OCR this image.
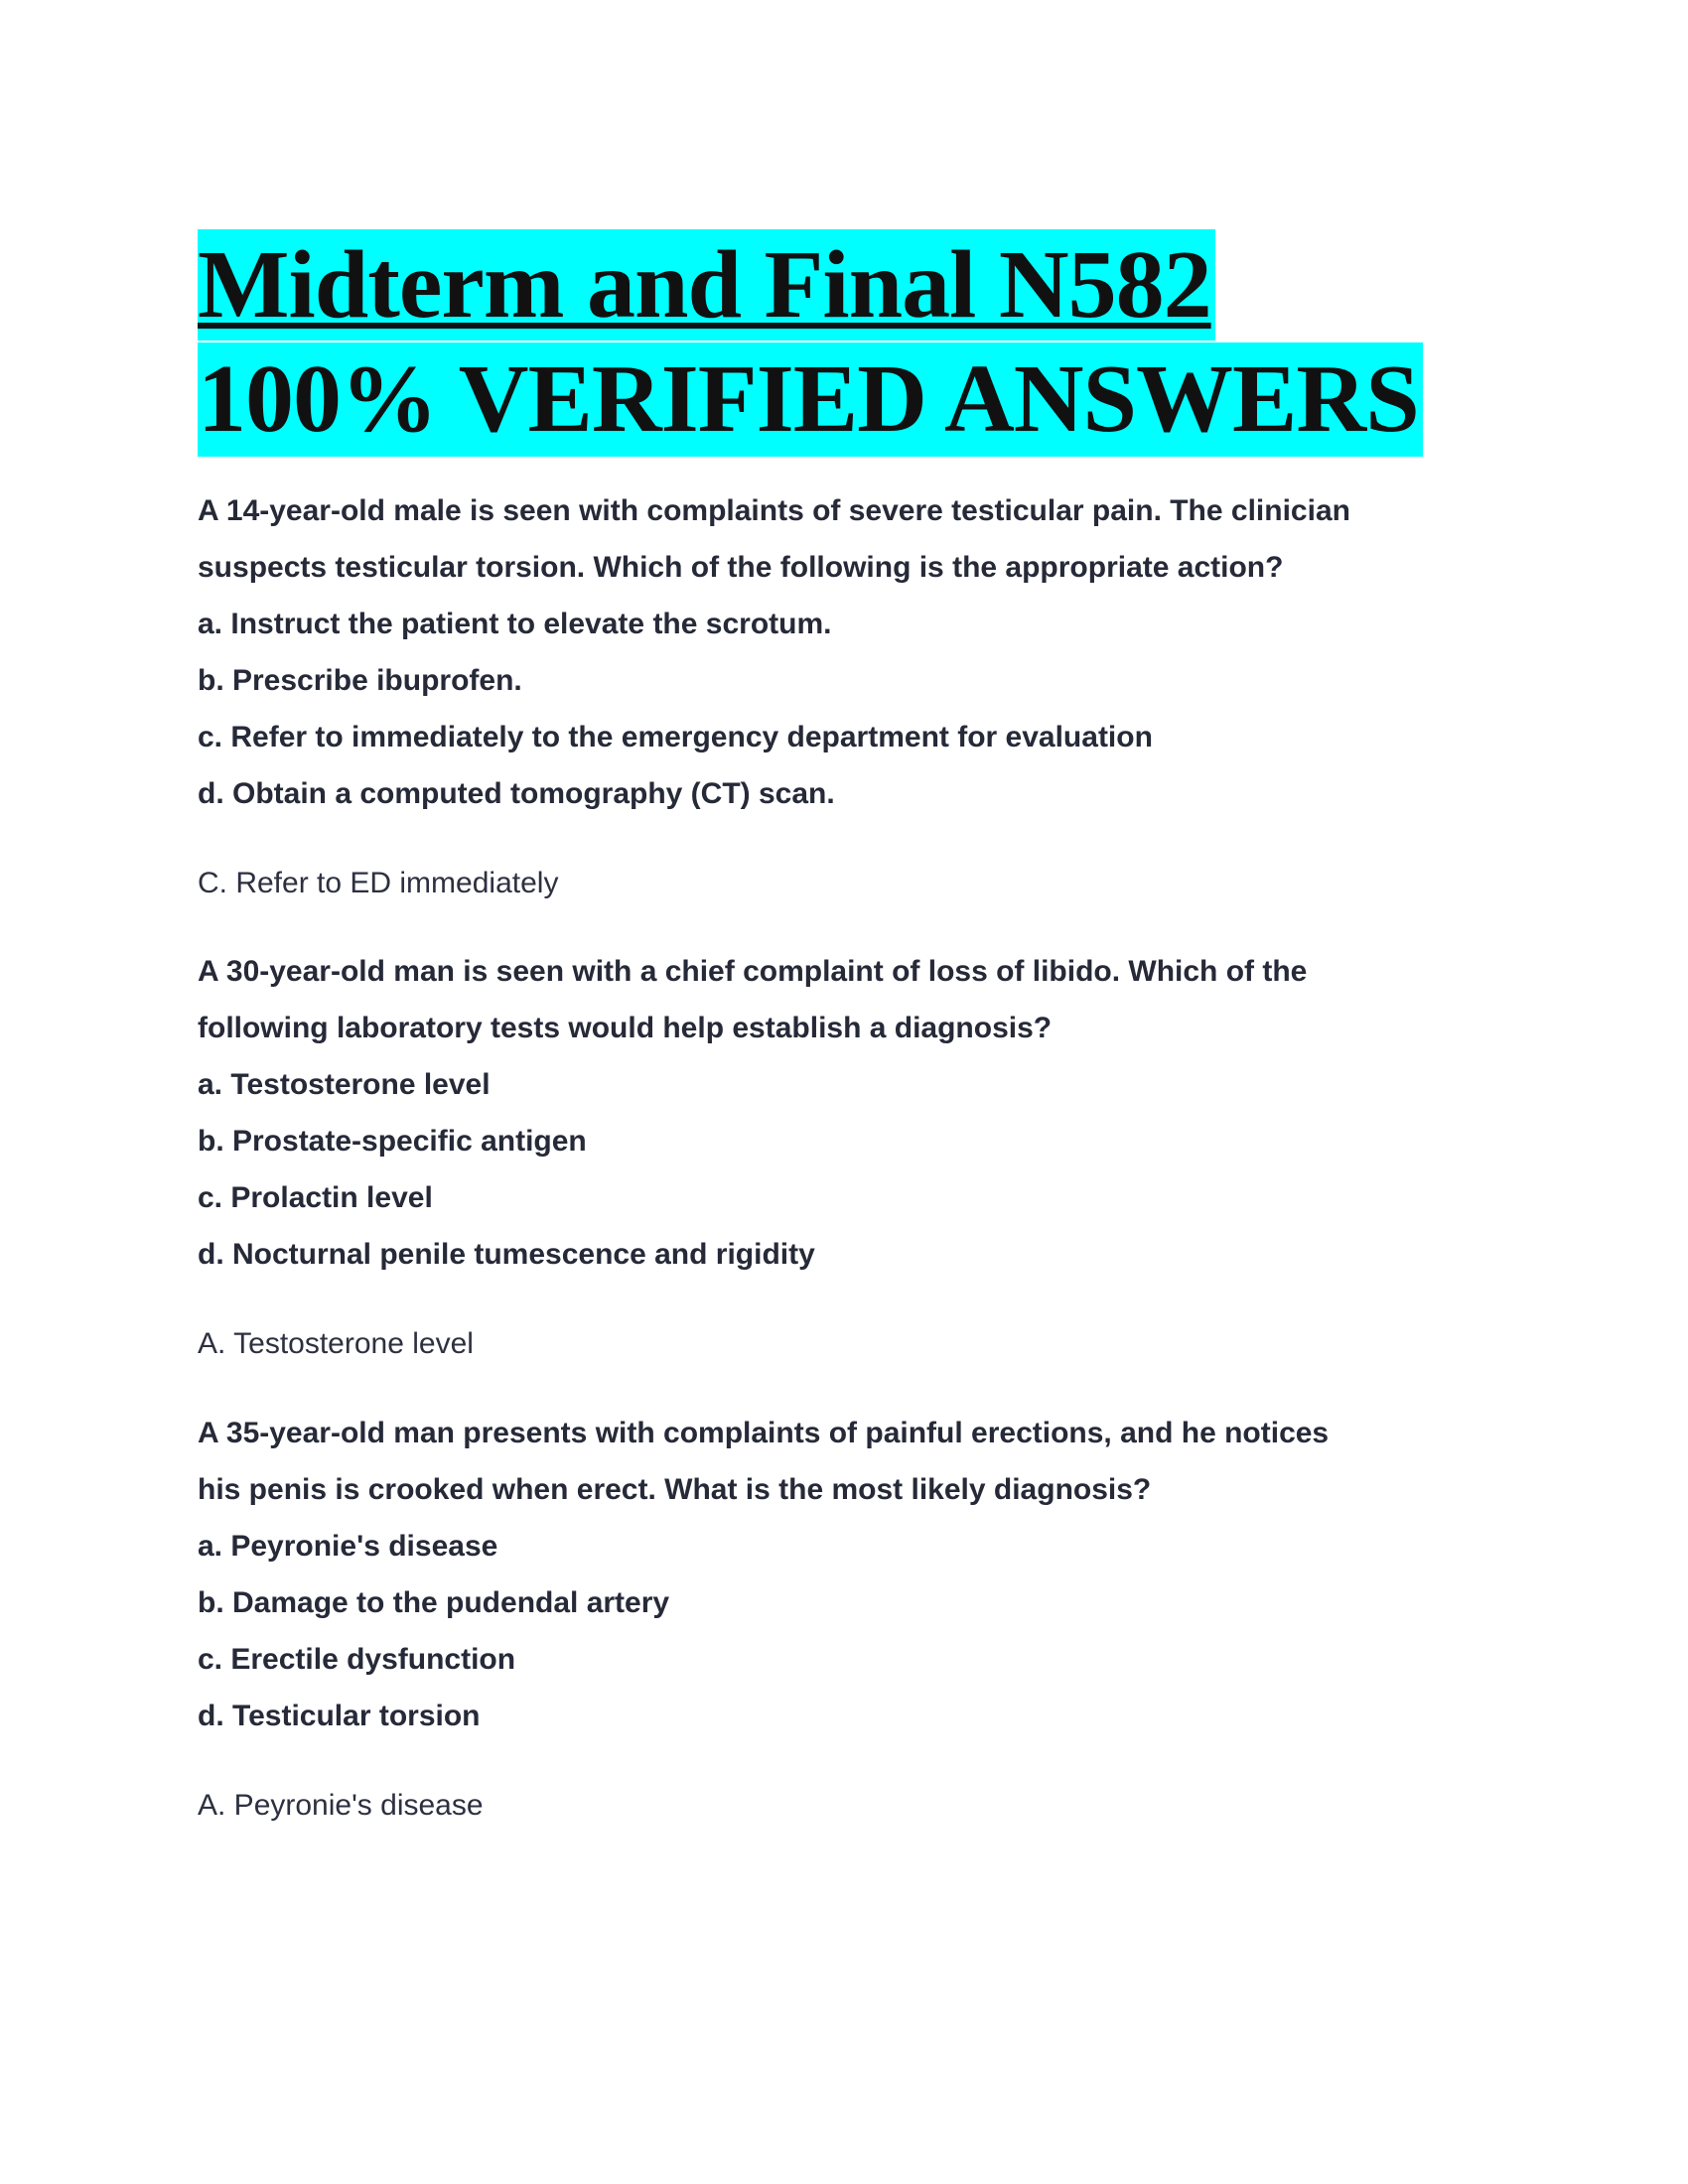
Midterm and Final N582
100% VERIFIED ANSWERS
A 14-year-old male is seen with complaints of severe testicular pain. The clinician
suspects testicular torsion. Which of the following is the appropriate action?
a. Instruct the patient to elevate the scrotum.
b. Prescribe ibuprofen.
c. Refer to immediately to the emergency department for evaluation
d. Obtain a computed tomography (CT) scan.

C. Refer to ED immediately

A 30-year-old man is seen with a chief complaint of loss of libido. Which of the
following laboratory tests would help establish a diagnosis?
a. Testosterone level
b. Prostate-specific antigen
c. Prolactin level
d. Nocturnal penile tumescence and rigidity

A. Testosterone level

A 35-year-old man presents with complaints of painful erections, and he notices
his penis is crooked when erect. What is the most likely diagnosis?
a. Peyronie's disease
b. Damage to the pudendal artery
c. Erectile dysfunction
d. Testicular torsion

A. Peyronie's disease
